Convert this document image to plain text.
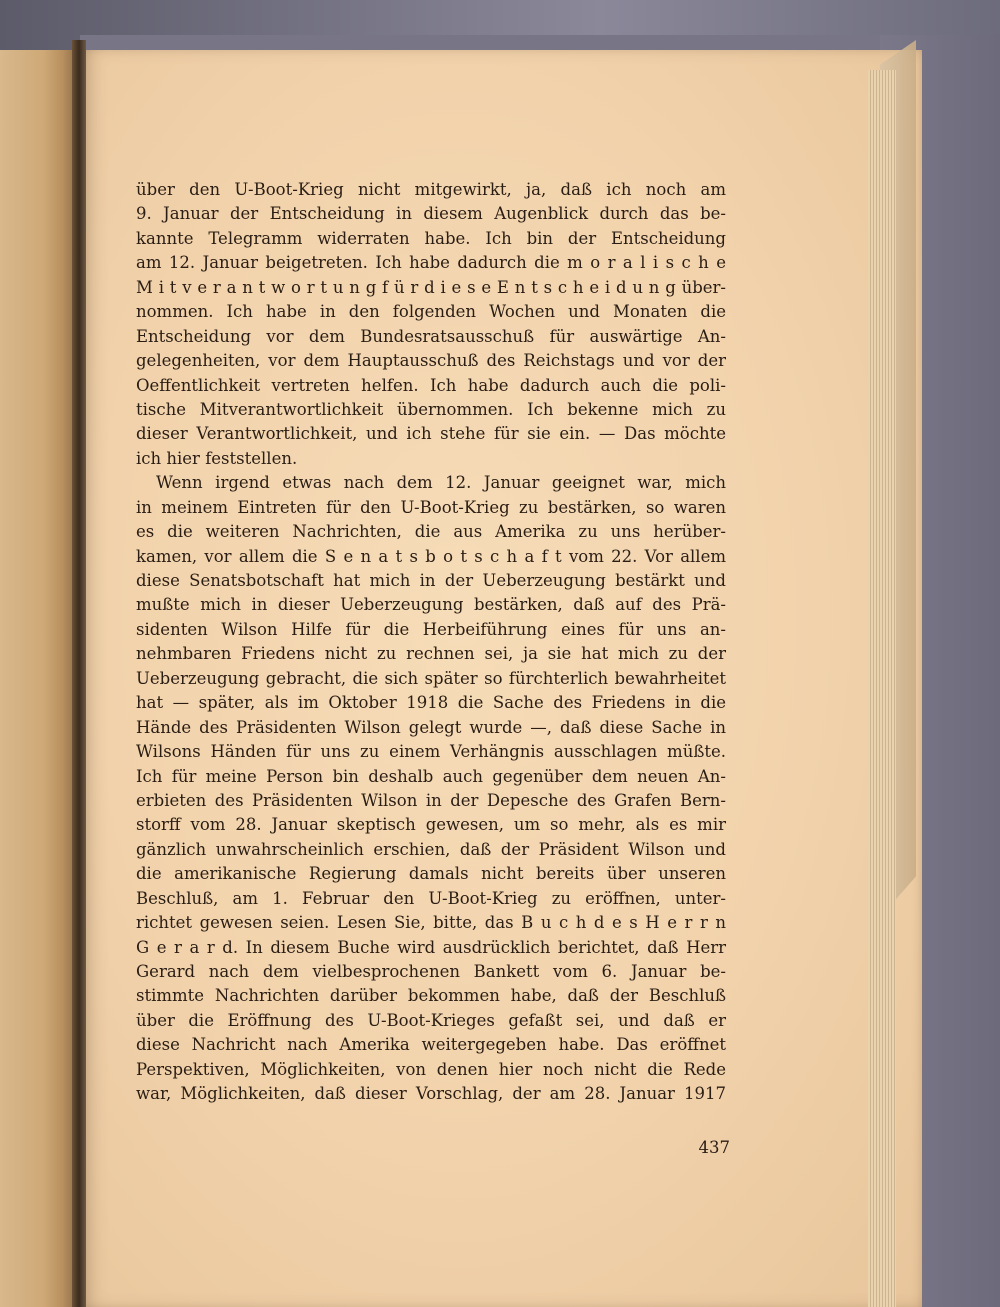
über den U-Boot-Krieg nicht mitgewirkt, ja, daß ich noch am
9. Januar der Entscheidung in diesem Augenblick durch das be-
kannte Telegramm widerraten habe. Ich bin der Entscheidung
am 12. Januar beigetreten. Ich habe dadurch die m o r a l i s c h e
M i t v e r a n t w o r t u n g f ü r d i e s e E n t s c h e i d u n g über-
nommen. Ich habe in den folgenden Wochen und Monaten die
Entscheidung vor dem Bundesratsausschuß für auswärtige An-
gelegenheiten, vor dem Hauptausschuß des Reichstags und vor der
Oeffentlichkeit vertreten helfen. Ich habe dadurch auch die poli-
tische Mitverantwortlichkeit übernommen. Ich bekenne mich zu
dieser Verantwortlichkeit, und ich stehe für sie ein. — Das möchte
ich hier feststellen.
Wenn irgend etwas nach dem 12. Januar geeignet war, mich
in meinem Eintreten für den U-Boot-Krieg zu bestärken, so waren
es die weiteren Nachrichten, die aus Amerika zu uns herüber-
kamen, vor allem die S e n a t s b o t s c h a f t vom 22. Vor allem
diese Senatsbotschaft hat mich in der Ueberzeugung bestärkt und
mußte mich in dieser Ueberzeugung bestärken, daß auf des Prä-
sidenten Wilson Hilfe für die Herbeiführung eines für uns an-
nehmbaren Friedens nicht zu rechnen sei, ja sie hat mich zu der
Ueberzeugung gebracht, die sich später so fürchterlich bewahrheitet
hat — später, als im Oktober 1918 die Sache des Friedens in die
Hände des Präsidenten Wilson gelegt wurde —, daß diese Sache in
Wilsons Händen für uns zu einem Verhängnis ausschlagen müßte.
Ich für meine Person bin deshalb auch gegenüber dem neuen An-
erbieten des Präsidenten Wilson in der Depesche des Grafen Bern-
storff vom 28. Januar skeptisch gewesen, um so mehr, als es mir
gänzlich unwahrscheinlich erschien, daß der Präsident Wilson und
die amerikanische Regierung damals nicht bereits über unseren
Beschluß, am 1. Februar den U-Boot-Krieg zu eröffnen, unter-
richtet gewesen seien. Lesen Sie, bitte, das B u c h d e s H e r r n
G e r a r d. In diesem Buche wird ausdrücklich berichtet, daß Herr
Gerard nach dem vielbesprochenen Bankett vom 6. Januar be-
stimmte Nachrichten darüber bekommen habe, daß der Beschluß
über die Eröffnung des U-Boot-Krieges gefaßt sei, und daß er
diese Nachricht nach Amerika weitergegeben habe. Das eröffnet
Perspektiven, Möglichkeiten, von denen hier noch nicht die Rede
war, Möglichkeiten, daß dieser Vorschlag, der am 28. Januar 1917
437
